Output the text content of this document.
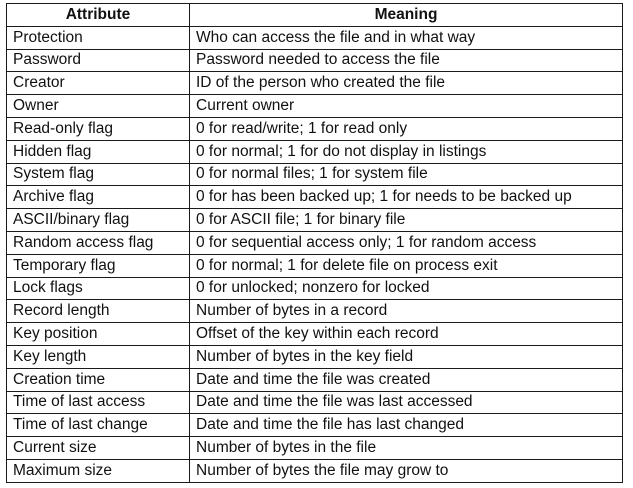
Attribute	Meaning
Protection	Who can access the file and in what way
Password	Password needed to access the file
Creator	ID of the person who created the file
Owner	Current owner
Read-only flag	0 for read/write; 1 for read only
Hidden flag	0 for normal; 1 for do not display in listings
System flag	0 for normal files; 1 for system file
Archive flag	0 for has been backed up; 1 for needs to be backed up
ASCII/binary flag	0 for ASCII file; 1 for binary file
Random access flag	0 for sequential access only; 1 for random access
Temporary flag	0 for normal; 1 for delete file on process exit
Lock flags	0 for unlocked; nonzero for locked
Record length	Number of bytes in a record
Key position	Offset of the key within each record
Key length	Number of bytes in the key field
Creation time	Date and time the file was created
Time of last access	Date and time the file was last accessed
Time of last change	Date and time the file has last changed
Current size	Number of bytes in the file
Maximum size	Number of bytes the file may grow to
